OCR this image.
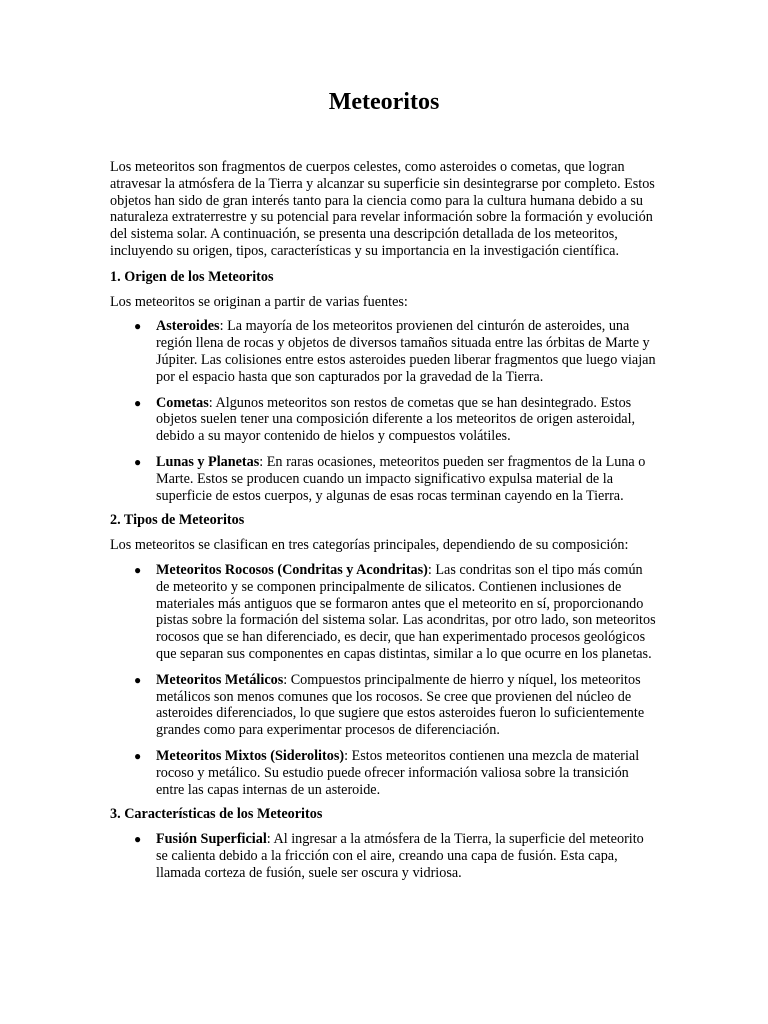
Meteoritos

Los meteoritos son fragmentos de cuerpos celestes, como asteroides o cometas, que logran atravesar la atmósfera de la Tierra y alcanzar su superficie sin desintegrarse por completo. Estos objetos han sido de gran interés tanto para la ciencia como para la cultura humana debido a su naturaleza extraterrestre y su potencial para revelar información sobre la formación y evolución del sistema solar. A continuación, se presenta una descripción detallada de los meteoritos, incluyendo su origen, tipos, características y su importancia en la investigación científica.

1. Origen de los Meteoritos

Los meteoritos se originan a partir de varias fuentes:

● Asteroides: La mayoría de los meteoritos provienen del cinturón de asteroides, una región llena de rocas y objetos de diversos tamaños situada entre las órbitas de Marte y Júpiter. Las colisiones entre estos asteroides pueden liberar fragmentos que luego viajan por el espacio hasta que son capturados por la gravedad de la Tierra.
● Cometas: Algunos meteoritos son restos de cometas que se han desintegrado. Estos objetos suelen tener una composición diferente a los meteoritos de origen asteroidal, debido a su mayor contenido de hielos y compuestos volátiles.
● Lunas y Planetas: En raras ocasiones, meteoritos pueden ser fragmentos de la Luna o Marte. Estos se producen cuando un impacto significativo expulsa material de la superficie de estos cuerpos, y algunas de esas rocas terminan cayendo en la Tierra.

2. Tipos de Meteoritos

Los meteoritos se clasifican en tres categorías principales, dependiendo de su composición:

● Meteoritos Rocosos (Condritas y Acondritas): Las condritas son el tipo más común de meteorito y se componen principalmente de silicatos. Contienen inclusiones de materiales más antiguos que se formaron antes que el meteorito en sí, proporcionando pistas sobre la formación del sistema solar. Las acondritas, por otro lado, son meteoritos rocosos que se han diferenciado, es decir, que han experimentado procesos geológicos que separan sus componentes en capas distintas, similar a lo que ocurre en los planetas.
● Meteoritos Metálicos: Compuestos principalmente de hierro y níquel, los meteoritos metálicos son menos comunes que los rocosos. Se cree que provienen del núcleo de asteroides diferenciados, lo que sugiere que estos asteroides fueron lo suficientemente grandes como para experimentar procesos de diferenciación.
● Meteoritos Mixtos (Siderolitos): Estos meteoritos contienen una mezcla de material rocoso y metálico. Su estudio puede ofrecer información valiosa sobre la transición entre las capas internas de un asteroide.

3. Características de los Meteoritos

● Fusión Superficial: Al ingresar a la atmósfera de la Tierra, la superficie del meteorito se calienta debido a la fricción con el aire, creando una capa de fusión. Esta capa, llamada corteza de fusión, suele ser oscura y vidriosa.
